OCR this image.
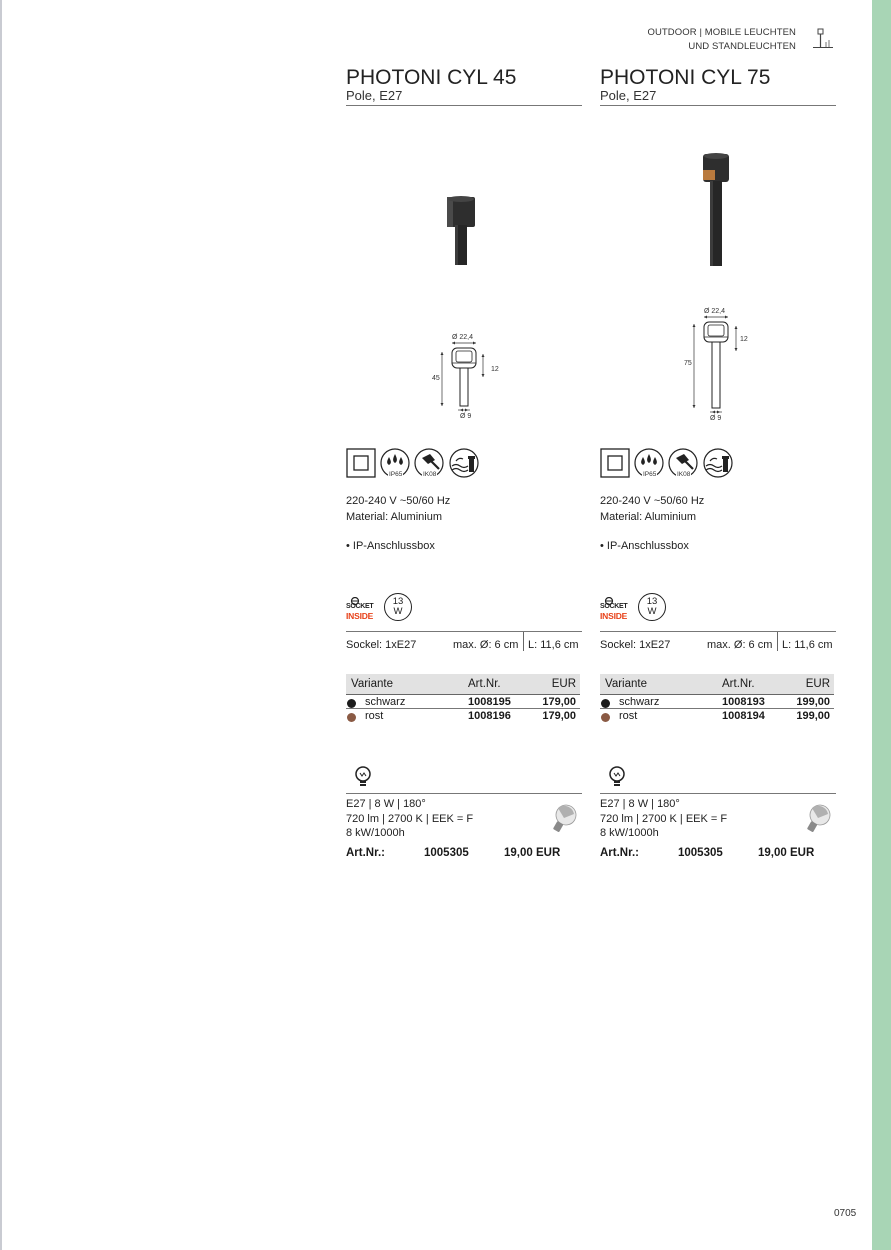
OUTDOOR | MOBILE LEUCHTEN
UND STANDLEUCHTEN
PHOTONI CYL 45
Pole, E27
Ø 22,4
12
45
Ø 9
IP65	IK08
220-240 V ~50/60 Hz
Material: Aluminium
• IP-Anschlussbox
SOCKET
INSIDE
13
W
Sockel: 1xE27	max. Ø: 6 cm L: 11,6 cm
Variante	Art.Nr.	EUR
schwarz	1008195	179,00
rost	1008196	179,00
E27 | 8 W | 180°
720 lm | 2700 K | EEK = F
8 kW/1000h
Art.Nr.:	1005305	19,00 EUR
PHOTONI CYL 75
Pole, E27
Ø 22,4
12
75
Ø 9
IP65	IK08
220-240 V ~50/60 Hz
Material: Aluminium
• IP-Anschlussbox
SOCKET
INSIDE
13
W
Sockel: 1xE27	max. Ø: 6 cm L: 11,6 cm
Variante	Art.Nr.	EUR
schwarz	1008193	199,00
rost	1008194	199,00
E27 | 8 W | 180°
720 lm | 2700 K | EEK = F
8 kW/1000h
Art.Nr.:	1005305	19,00 EUR
0705
